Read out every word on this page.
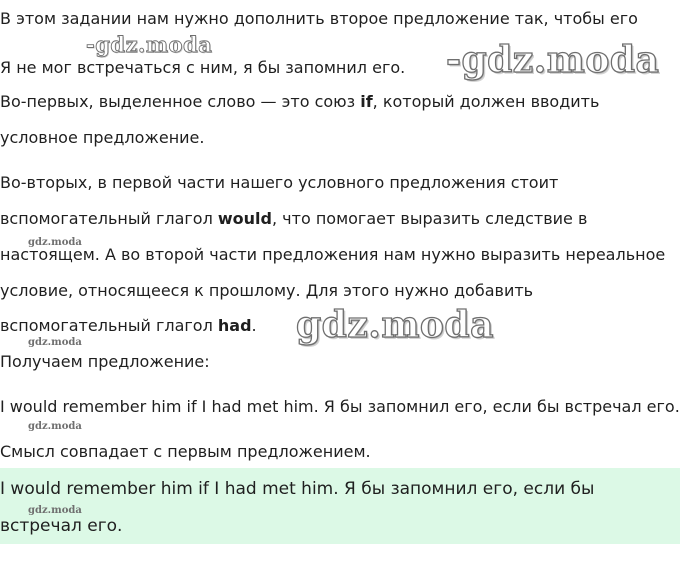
В этом задании нам нужно дополнить второе предложение так, чтобы его
Я не мог встречаться с ним, я бы запомнил его.
Во-первых, выделенное слово — это союз if, который должен вводить
условное предложение.
Во-вторых, в первой части нашего условного предложения стоит
вспомогательный глагол would, что помогает выразить следствие в
настоящем. А во второй части предложения нам нужно выразить нереальное
условие, относящееся к прошлому. Для этого нужно добавить
вспомогательный глагол had.
Получаем предложение:
I would remember him if I had met him. Я бы запомнил его, если бы встречал его.
Смысл совпадает с первым предложением.
I would remember him if I had met him. Я бы запомнил его, если бы
встречал его.
-gdz.moda	-gdz.moda
gdz.moda
gdz.moda
gdz.moda
gdz.moda
gdz.moda
